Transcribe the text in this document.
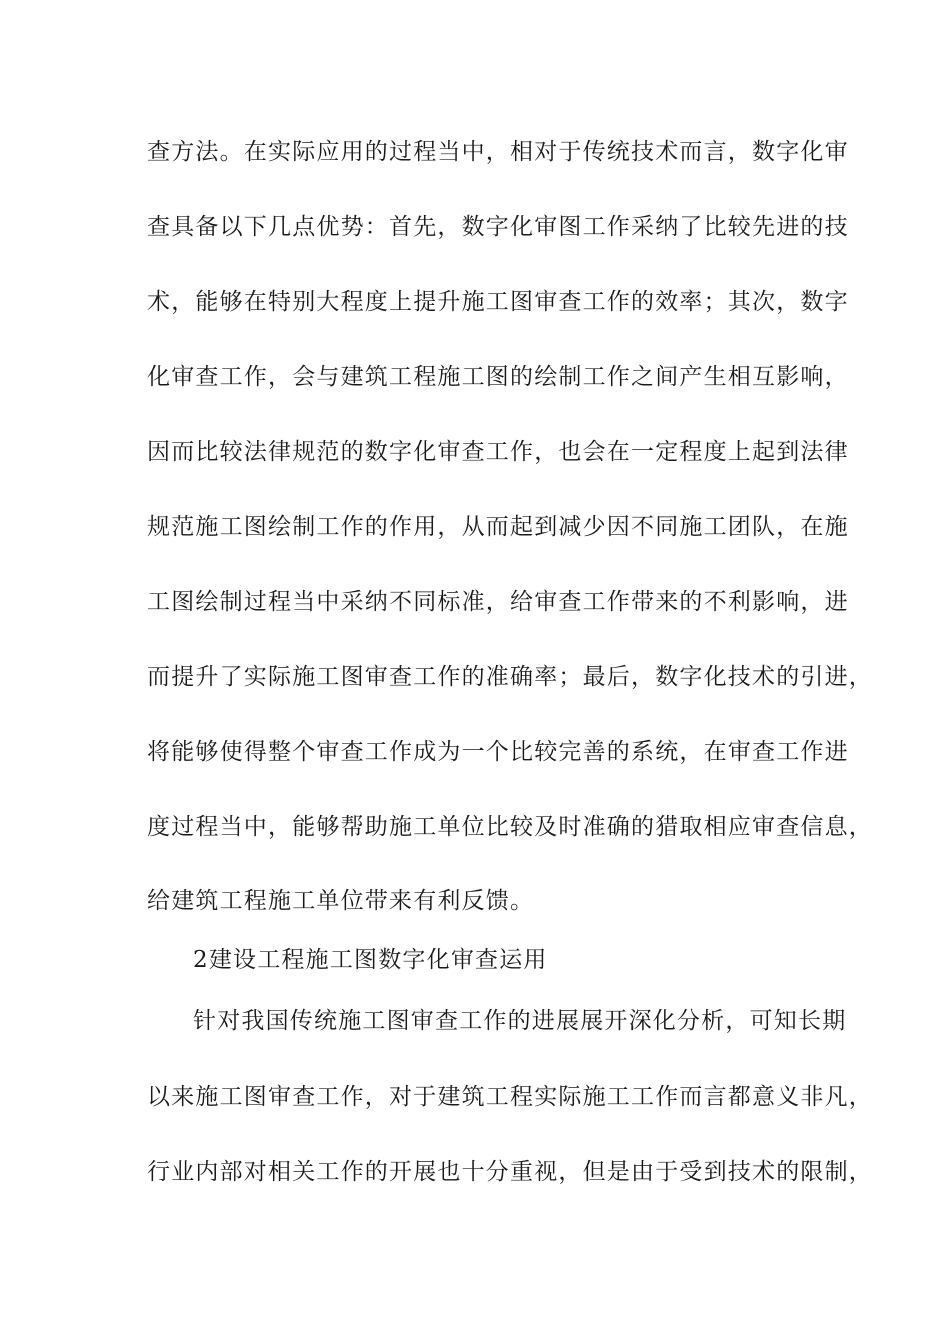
查方法。在实际应用的过程当中，相对于传统技术而言，数字化审
查具备以下几点优势：首先，数字化审图工作采纳了比较先进的技
术，能够在特别大程度上提升施工图审查工作的效率；其次，数字
化审查工作，会与建筑工程施工图的绘制工作之间产生相互影响，
因而比较法律规范的数字化审查工作，也会在一定程度上起到法律
规范施工图绘制工作的作用，从而起到减少因不同施工团队，在施
工图绘制过程当中采纳不同标准，给审查工作带来的不利影响，进
而提升了实际施工图审查工作的准确率；最后，数字化技术的引进，
将能够使得整个审查工作成为一个比较完善的系统，在审查工作进
度过程当中，能够帮助施工单位比较及时准确的猎取相应审查信息，
给建筑工程施工单位带来有利反馈。
2建设工程施工图数字化审查运用
针对我国传统施工图审查工作的进展展开深化分析，可知长期
以来施工图审查工作，对于建筑工程实际施工工作而言都意义非凡，
行业内部对相关工作的开展也十分重视，但是由于受到技术的限制，
